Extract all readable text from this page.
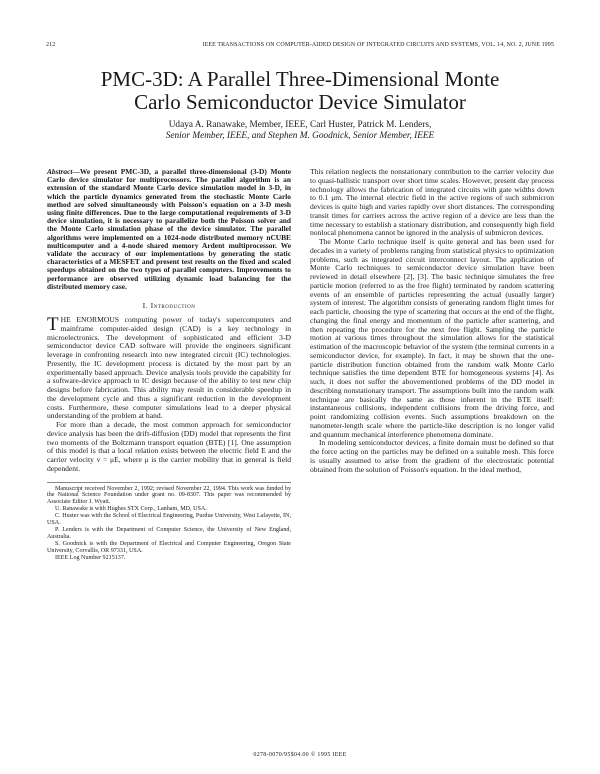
212	IEEE TRANSACTIONS ON COMPUTER-AIDED DESIGN OF INTEGRATED CIRCUITS AND SYSTEMS, VOL. 14, NO. 2, JUNE 1995
PMC-3D: A Parallel Three-Dimensional Monte
Carlo Semiconductor Device Simulator
Udaya A. Ranawake, Member, IEEE, Carl Huster, Patrick M. Lenders,
Senior Member, IEEE, and Stephen M. Goodnick, Senior Member, IEEE
Abstract—We present PMC-3D, a parallel three-dimensional (3-D) Monte Carlo device simulator for multiprocessors. The parallel algorithm is an extension of the standard Monte Carlo device simulation model in 3-D, in which the particle dynamics generated from the stochastic Monte Carlo method are solved simultaneously with Poisson's equation on a 3-D mesh using finite differences. Due to the large computational requirements of 3-D device simulation, it is necessary to parallelize both the Poisson solver and the Monte Carlo simulation phase of the device simulator. The parallel algorithms were implemented on a 1024-node distributed memory nCUBE multicomputer and a 4-node shared memory Ardent multiprocessor. We validate the accuracy of our implementations by generating the static characteristics of a MESFET and present test results on the fixed and scaled speedups obtained on the two types of parallel computers. Improvements to performance are observed utilizing dynamic load balancing for the distributed memory case.
I. Introduction

THE ENORMOUS computing power of today's supercomputers and mainframe computer-aided design (CAD) is a key technology in microelectronics. The development of sophisticated and efficient 3-D semiconductor device CAD software will provide the engineers significant leverage in confronting research into new integrated circuit (IC) technologies. Presently, the IC development process is dictated by the most part by an experimentally based approach. Device analysis tools provide the capability for a software-device approach to IC design because of the ability to test new chip designs before fabrication. This ability may result in considerable speedup in the development cycle and thus a significant reduction in the development costs. Furthermore, these computer simulations lead to a deeper physical understanding of the problem at hand.

For more than a decade, the most common approach for semiconductor device analysis has been the drift-diffusion (DD) model that represents the first two moments of the Boltzmann transport equation (BTE) [1]. One assumption of this model is that a local relation exists between the electric field E and the carrier velocity v = μE, where μ is the carrier mobility that in general is field dependent.

Manuscript received November 2, 1992; revised November 22, 1994. This work was funded by the National Science Foundation under grant no. 09-8307. This paper was recommended by Associate Editor J. Wyatt.

U. Ranawake is with Hughes STX Corp., Lanham, MD, USA.

C. Huster was with the School of Electrical Engineering, Purdue University, West Lafayette, IN, USA.

P. Lenders is with the Department of Computer Science, the University of New England, Australia.

S. Goodnick is with the Department of Electrical and Computer Engineering, Oregon State University, Corvallis, OR 97331, USA.

IEEE Log Number 9215137.

This relation neglects the nonstationary contribution to the carrier velocity due to quasi-ballistic transport over short time scales. However, present day process technology allows the fabrication of integrated circuits with gate widths down to 0.1 μm. The internal electric field in the active regions of such submicron devices is quite high and varies rapidly over short distances. The corresponding transit times for carriers across the active region of a device are less than the time necessary to establish a stationary distribution, and consequently high field nonlocal phenomena cannot be ignored in the analysis of submicron devices.

The Monte Carlo technique itself is quite general and has been used for decades in a variety of problems ranging from statistical physics to optimization problems, such as integrated circuit interconnect layout. The application of Monte Carlo techniques to semiconductor device simulation have been reviewed in detail elsewhere [2], [3]. The basic technique simulates the free particle motion (referred to as the free flight) terminated by random scattering events of an ensemble of particles representing the actual (usually larger) system of interest. The algorithm consists of generating random flight times for each particle, choosing the type of scattering that occurs at the end of the flight, changing the final energy and momentum of the particle after scattering, and then repeating the procedure for the next free flight. Sampling the particle motion at various times throughout the simulation allows for the statistical estimation of the macroscopic behavior of the system (the terminal currents in a semiconductor device, for example). In fact, it may be shown that the one-particle distribution function obtained from the random walk Monte Carlo technique satisfies the time dependent BTE for homogeneous systems [4]. As such, it does not suffer the abovementioned problems of the DD model in describing nonstationary transport. The assumptions built into the random walk technique are basically the same as those inherent in the BTE itself: instantaneous collisions, independent collisions from the driving force, and point randomizing collision events. Such assumptions breakdown on the nanometer-length scale where the particle-like description is no longer valid and quantum mechanical interference phenomena dominate.

In modeling semiconductor devices, a finite domain must be defined so that the force acting on the particles may be defined on a suitable mesh. This force is usually assumed to arise from the gradient of the electrostatic potential obtained from the solution of Poisson's equation. In the ideal method,

0278-0070/95$04.00 © 1995 IEEE
